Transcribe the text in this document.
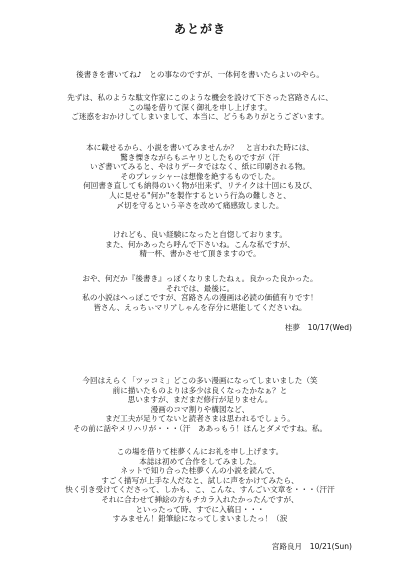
あとがき
後書きを書いてね♪　との事なのですが、一体何を書いたらよいのやら。
先ずは、私のような駄文作家にこのような機会を設けて下さった宮路さんに、
この場を借りて深く御礼を申し上げます。
ご迷惑をおかけしてしまいまして、本当に、どうもありがとうございます。
本に載せるから、小説を書いてみませんか？　と言われた時には、
驚き慄きながらもニヤリとしたものですが（汗
いざ書いてみると、やはりデータではなく、紙に印刷される物。
そのプレッシャーは想像を絶するものでした。
何回書き直しても納得のいく物が出来ず、リテイクは十回にも及び、
人に見せる"何か"を製作するという行為の難しさと、
〆切を守るという辛さを改めて痛感致しました。
けれども、良い経験になったと自惚しております。
また、何かあったら呼んで下さいね。こんな私ですが、
精一杯、書かさせて頂きますので。
おや、何だか『後書き』っぽくなりましたねぇ。良かった良かった。
それでは、最後に。
私の小説はへっぽこですが、宮路さんの漫画は必読の価値有りです！
皆さん、えっちぃマリアしゃんを存分に堪能してくださいね。
桂夢　10/17(Wed)
今回はえらく「ツッコミ」どこの多い漫画になってしまいました（笑
前に描いたものよりは多少は良くなったかなぁ？と
思いますが、まだまだ修行が足りません。
漫画のコマ割りや構図など、
まだ工夫が足りてないと読者さまは思われるでしょう。
その前に話やメリハリが・・・（汗　ああっもう！ほんとダメですね。私。
この場を借りて桂夢くんにお礼を申し上げます。
本誌は初めて合作をしてみました。
ネットで知り合った桂夢くんの小説を読んで、
すごく描写が上手な人だなと、試しに声をかけてみたら、
快く引き受けてくださって、しかも、こ、こんな、すんごい文章を・・・（汗汗
それに合わせて挿絵の方もチカラ入れたかったんですが、
といったって時、すでに入稿日・・・
すみません！鉛筆絵になってしまいましたっ！（涙
宮路良月　10/21(Sun)
